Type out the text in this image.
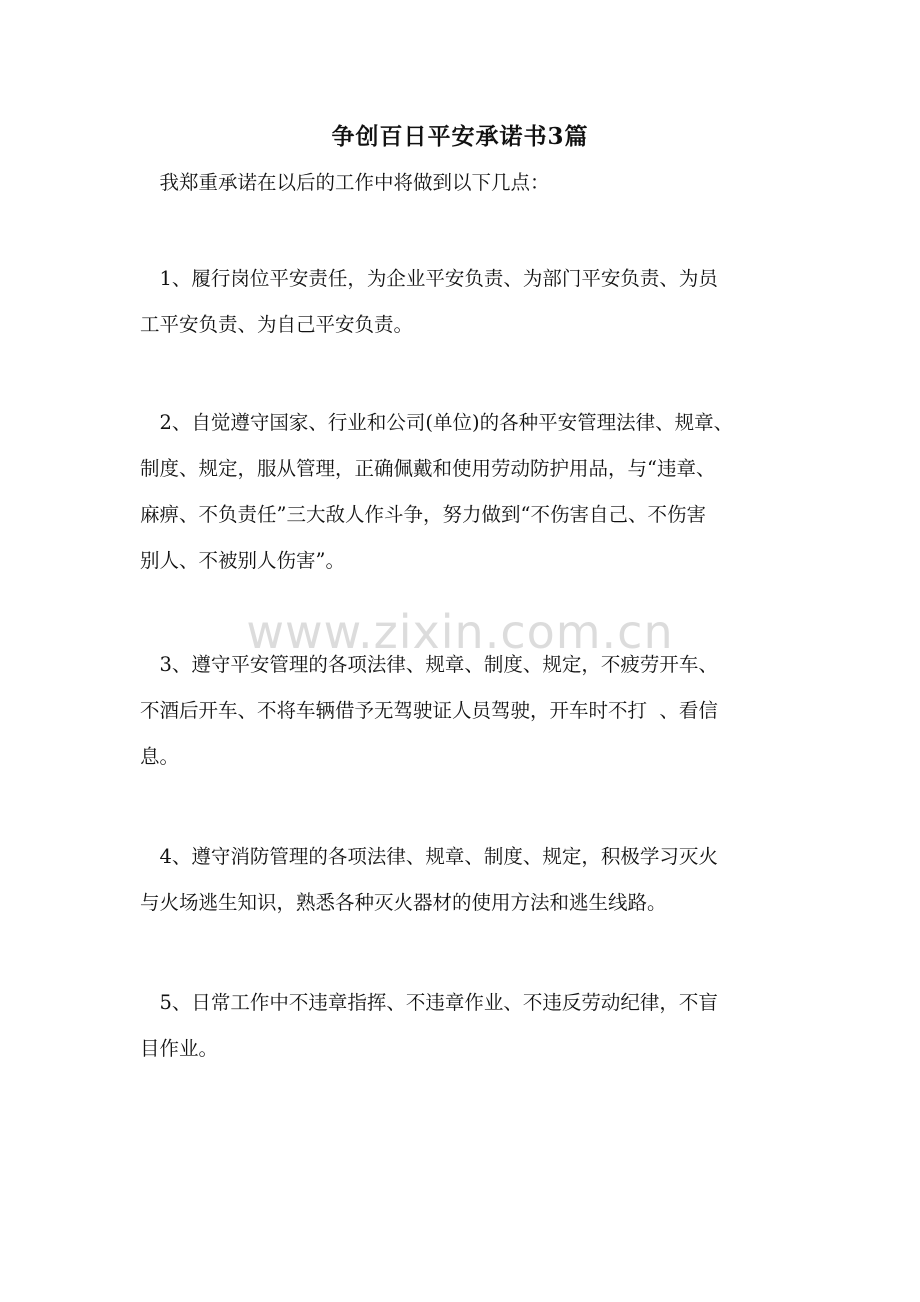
争创百日平安承诺书3篇

　我郑重承诺在以后的工作中将做到以下几点：

　1、履行岗位平安责任，为企业平安负责、为部门平安负责、为员
工平安负责、为自己平安负责。

　2、自觉遵守国家、行业和公司(单位)的各种平安管理法律、规章、
制度、规定，服从管理，正确佩戴和使用劳动防护用品，与“违章、
麻痹、不负责任”三大敌人作斗争，努力做到“不伤害自己、不伤害
别人、不被别人伤害”。

www.zixin.com.cn

　3、遵守平安管理的各项法律、规章、制度、规定，不疲劳开车、
不酒后开车、不将车辆借予无驾驶证人员驾驶，开车时不打  、看信
息。

　4、遵守消防管理的各项法律、规章、制度、规定，积极学习灭火
与火场逃生知识，熟悉各种灭火器材的使用方法和逃生线路。

　5、日常工作中不违章指挥、不违章作业、不违反劳动纪律，不盲
目作业。
